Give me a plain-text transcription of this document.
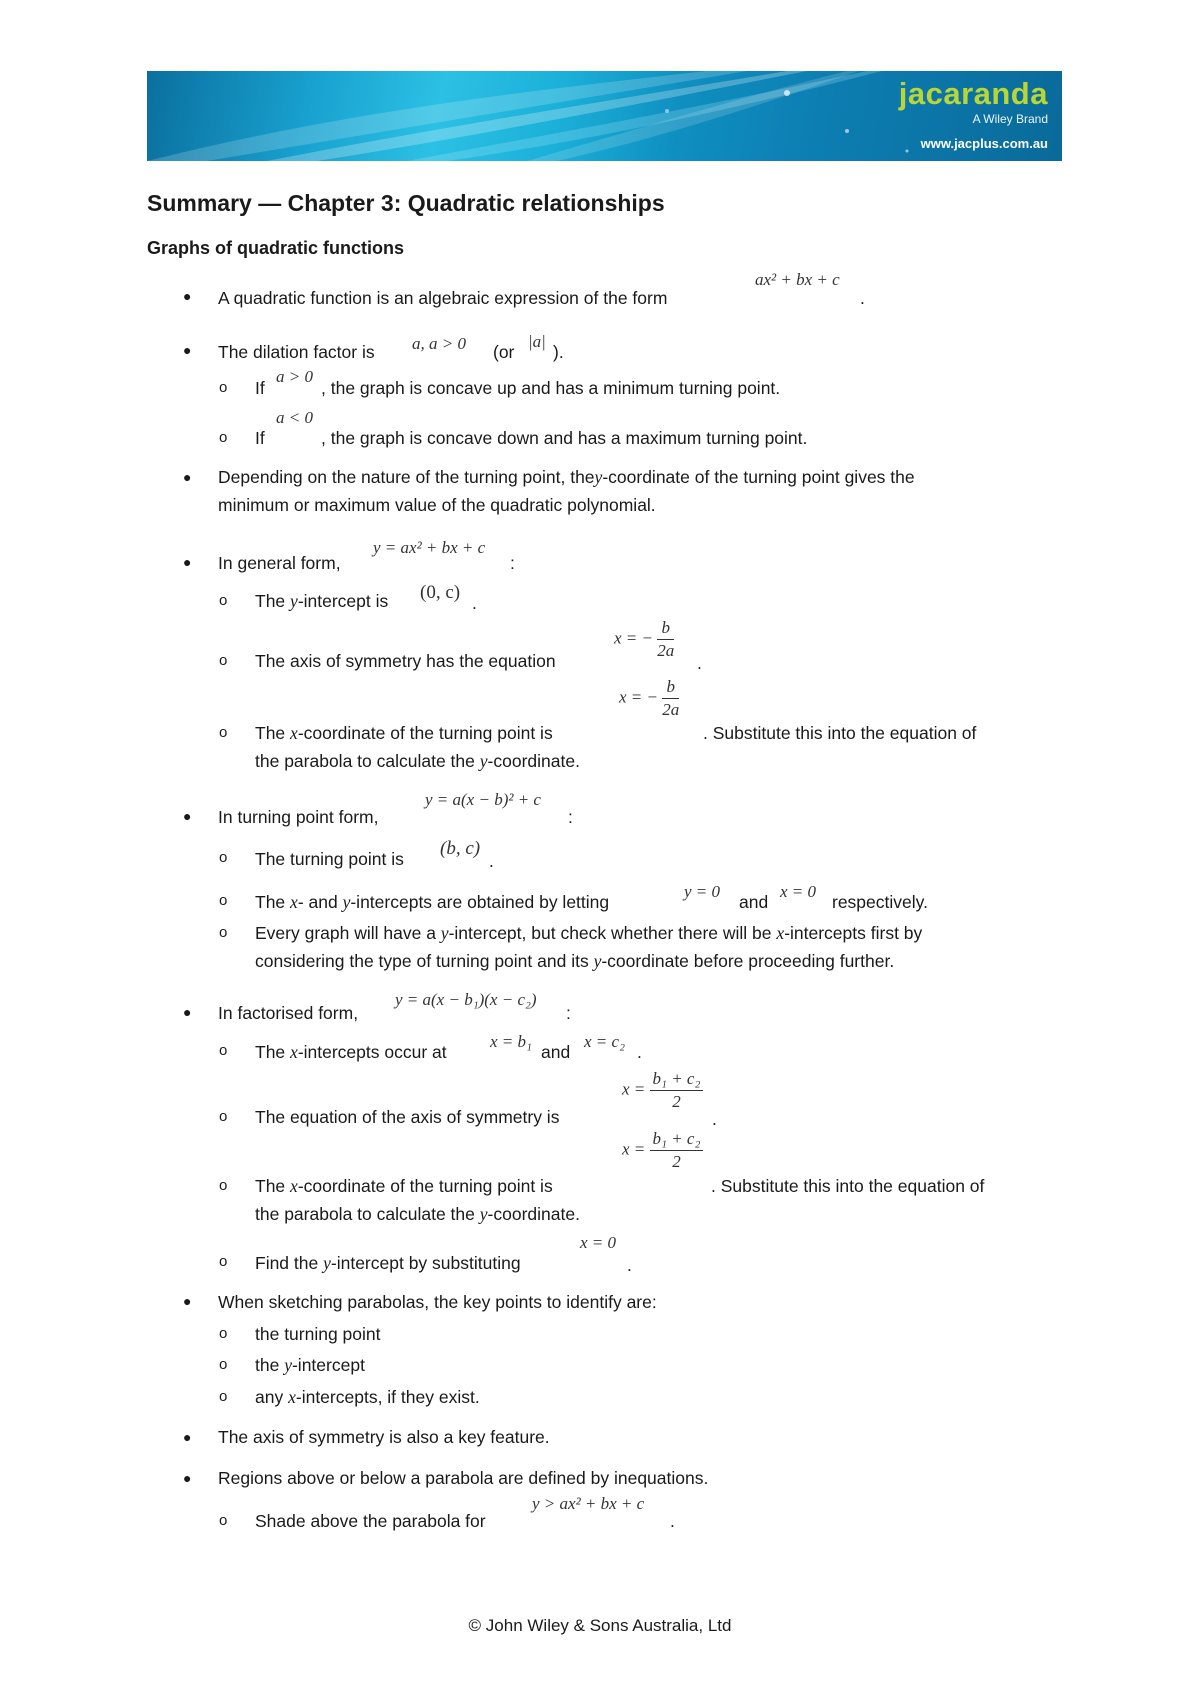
jacaranda
A Wiley Brand
www.jacplus.com.au
Summary — Chapter 3: Quadratic relationships
Graphs of quadratic functions
● A quadratic function is an algebraic expression of the form
ax² + bx + c
.
● The dilation factor is a, a > 0 (or
|a|
).
o If
a > 0
, the graph is concave up and has a minimum turning point.
o If
a < 0
, the graph is concave down and has a maximum turning point.
● Depending on the nature of the turning point, they-coordinate of the turning point gives the
minimum or maximum value of the quadratic polynomial.
● In general form,
y = ax² + bx + c
:
o The y-intercept is (0, c) .
o The axis of symmetry has the equation
x = − $\frac{b}{2a}$
.
o The x-coordinate of the turning point is
x = − $\frac{b}{2a}$
. Substitute this into the equation of
the parabola to calculate the y-coordinate.
● In turning point form,
y = a(x − b)² + c
:
o The turning point is (b, c)
.
o The x- and y-intercepts are obtained by letting
y = 0
and
x = 0
respectively.
o Every graph will have a y-intercept, but check whether there will be x-intercepts first by
considering the type of turning point and its y-coordinate before proceeding further.
● In factorised form,
y = a(x − b₁)(x − c₂)
:
o The x-intercepts occur at
x = b₁
and
x = c₂
.
o The equation of the axis of symmetry is
$x = \frac{\text{b₁ + c₂}}{2}$
.
o The x-coordinate of the turning point is
$x = \frac{\text{b₁ + c₂}}{2}$
. Substitute this into the equation of
the parabola to calculate the y-coordinate.
o Find the y-intercept by substituting
x = 0
.
● When sketching parabolas, the key points to identify are:
o the turning point
o the y-intercept
o any x-intercepts, if they exist.
● The axis of symmetry is also a key feature.
● Regions above or below a parabola are defined by inequations.
o Shade above the parabola for
y > ax² + bx + c
.
© John Wiley & Sons Australia, Ltd
